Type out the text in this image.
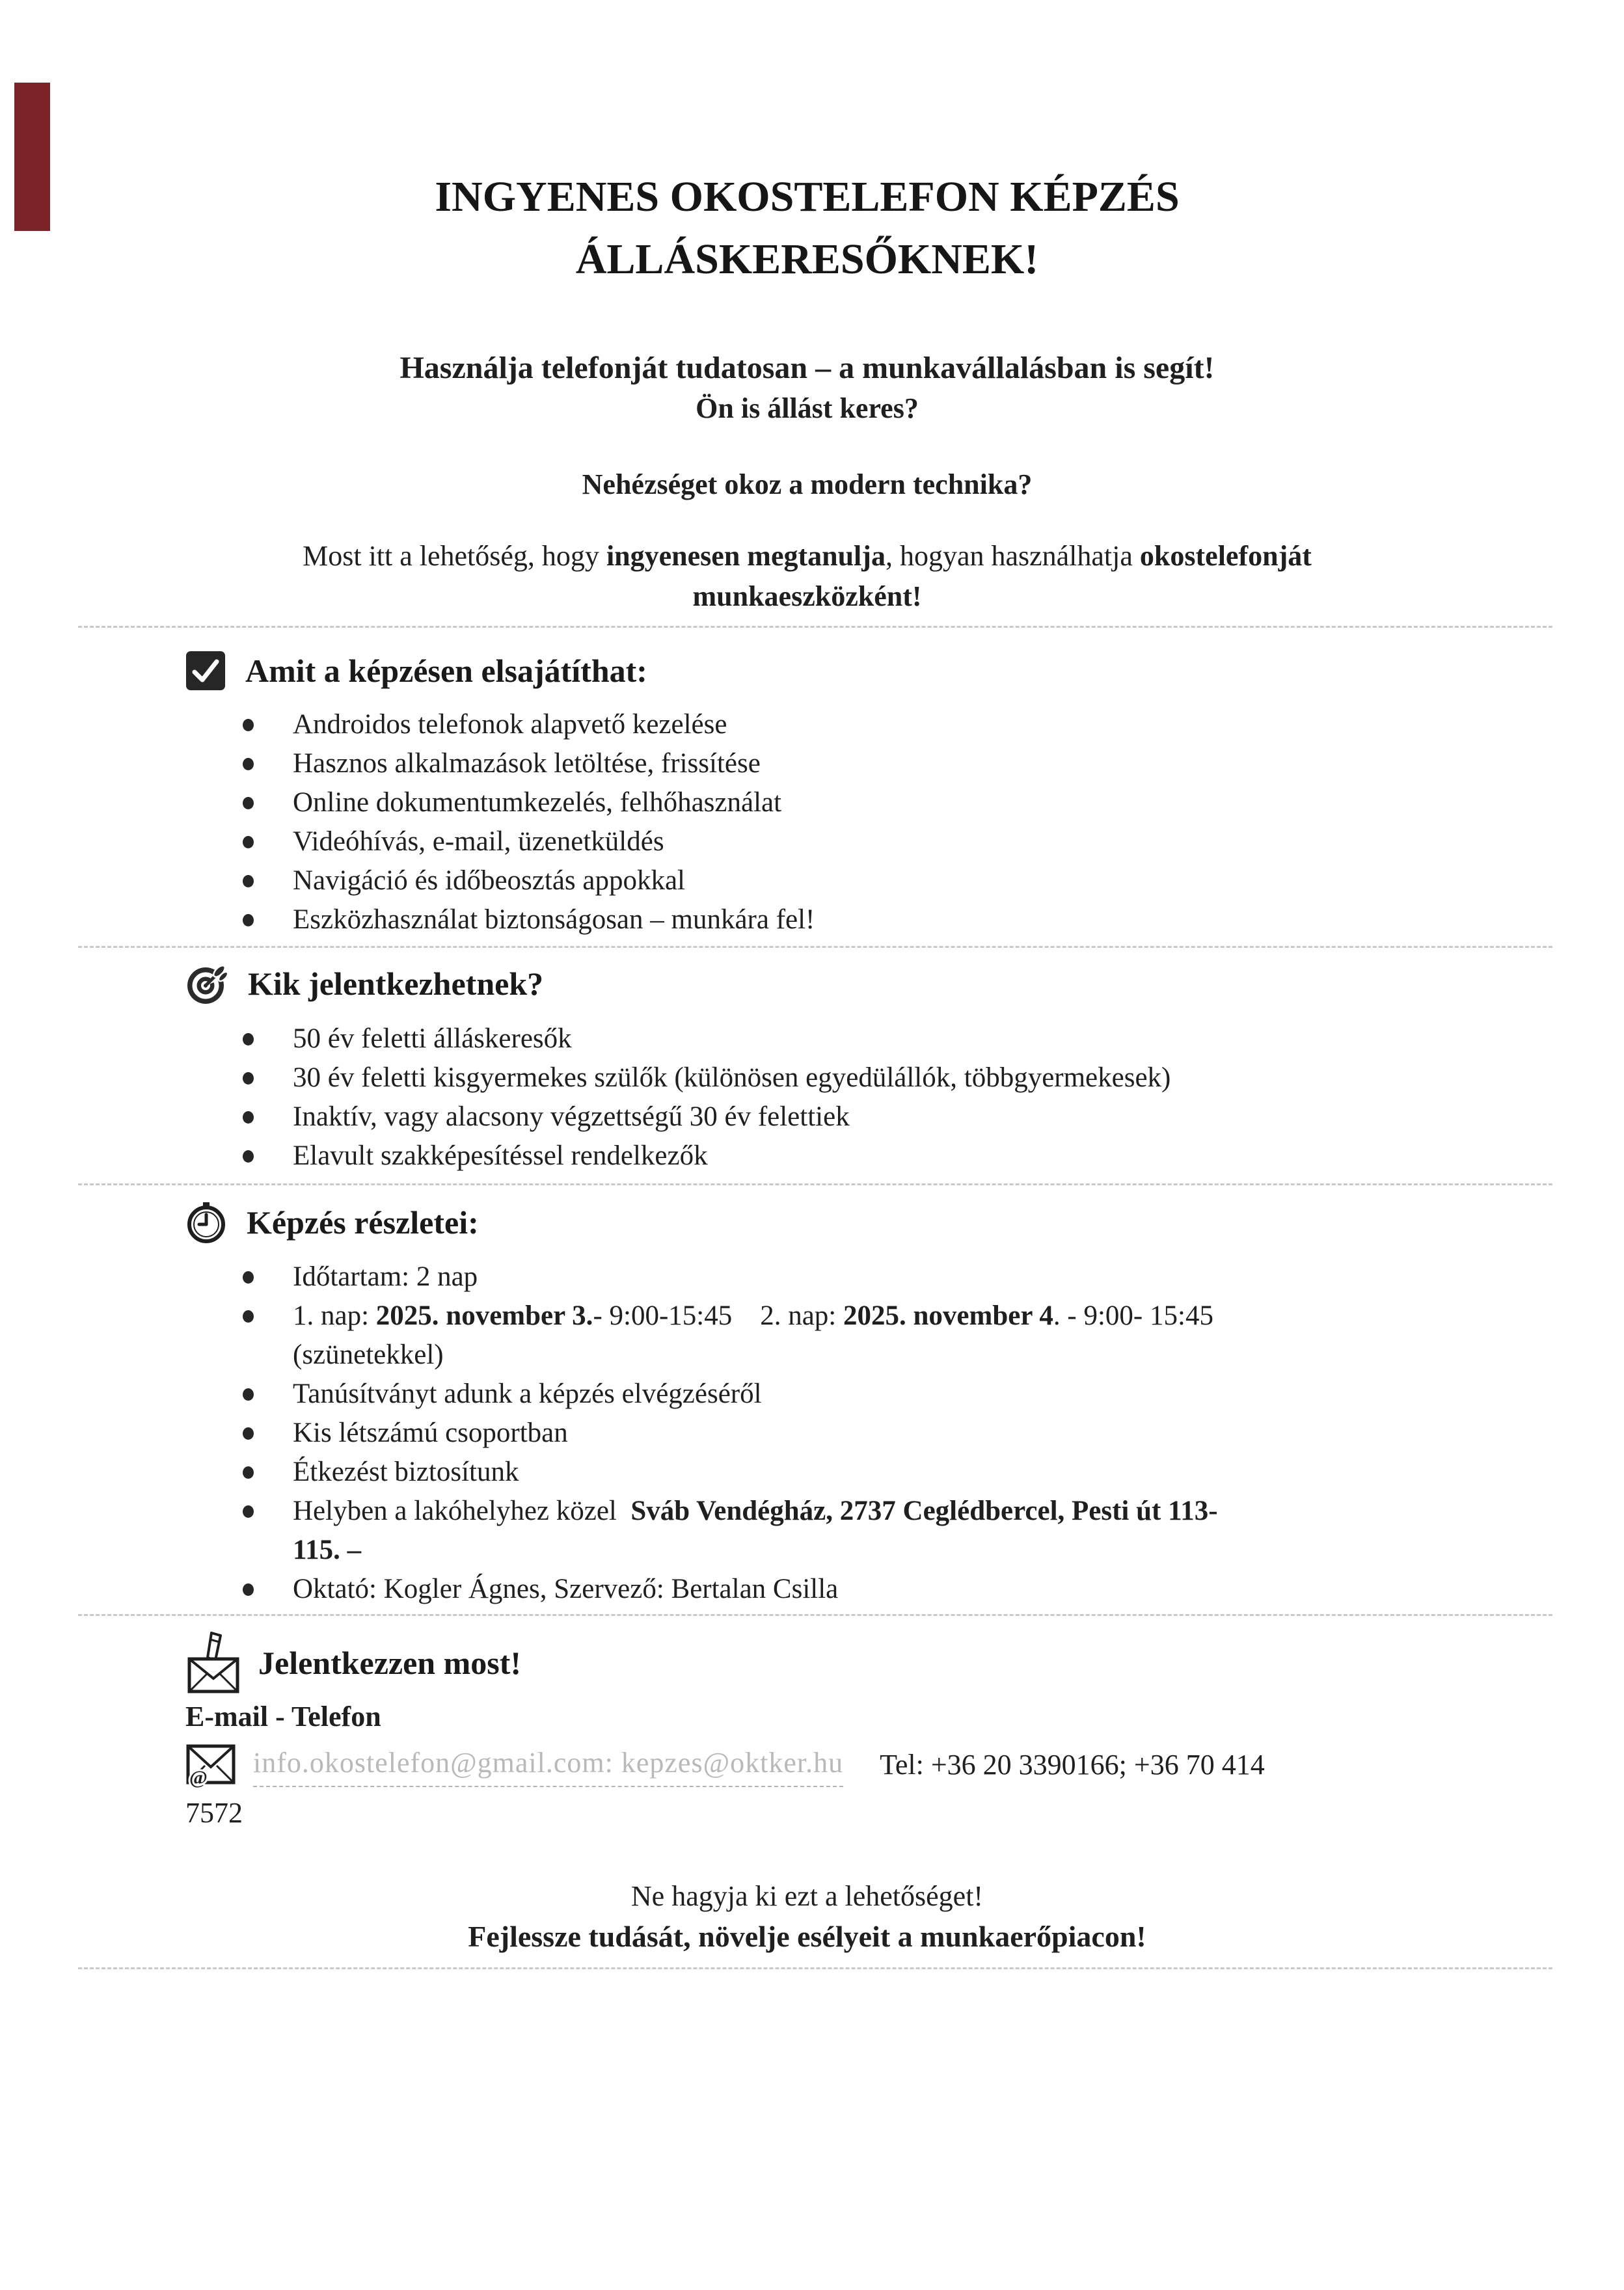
INGYENES OKOSTELEFON KÉPZÉS
ÁLLÁSKERESŐKNEK!
Használja telefonját tudatosan – a munkavállalásban is segít!
Ön is állást keres?
Nehézséget okoz a modern technika?

Most itt a lehetőség, hogy ingyenesen megtanulja, hogyan használhatja okostelefonját munkaeszközként!

Amit a képzésen elsajátíthat:
Androidos telefonok alapvető kezelése
Hasznos alkalmazások letöltése, frissítése
Online dokumentumkezelés, felhőhasználat
Videóhívás, e-mail, üzenetküldés
Navigáció és időbeosztás appokkal
Eszközhasználat biztonságosan – munkára fel!
Kik jelentkezhetnek?
50 év feletti álláskeresők
30 év feletti kisgyermekes szülők (különösen egyedülállók, többgyermekesek)
Inaktív, vagy alacsony végzettségű 30 év felettiek
Elavult szakképesítéssel rendelkezők
Képzés részletei:
Időtartam: 2 nap
1. nap: 2025. november 3.- 9:00-15:45    2. nap: 2025. november 4. - 9:00- 15:45
(szünetekkel)
Tanúsítványt adunk a képzés elvégzéséről
Kis létszámú csoportban
Étkezést biztosítunk
Helyben a lakóhelyhez közel  Sváb Vendégház, 2737 Ceglédbercel, Pesti út 113-
115. –
Oktató: Kogler Ágnes, Szervező: Bertalan Csilla
Jelentkezzen most!
E-mail - Telefon
@ info.okostelefon@gmail.com: kepzes@oktker.hu Tel: +36 20 3390166; +36 70 414
7572
Ne hagyja ki ezt a lehetőséget!
Fejlessze tudását, növelje esélyeit a munkaerőpiacon!
